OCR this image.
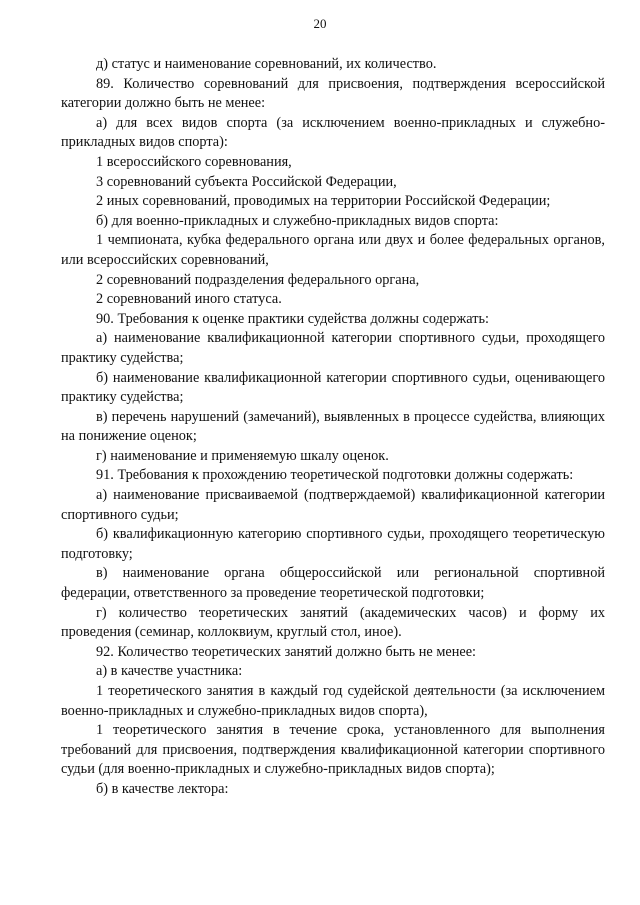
20

д) статус и наименование соревнований, их количество.

89. Количество соревнований для присвоения, подтверждения всероссийской категории должно быть не менее:

а) для всех видов спорта (за исключением военно-прикладных и служебно-прикладных видов спорта):

1 всероссийского соревнования,

3 соревнований субъекта Российской Федерации,

2 иных соревнований, проводимых на территории Российской Федерации;

б) для военно-прикладных и служебно-прикладных видов спорта:

1 чемпионата, кубка федерального органа или двух и более федеральных органов, или всероссийских соревнований,

2 соревнований подразделения федерального органа,

2 соревнований иного статуса.

90. Требования к оценке практики судейства должны содержать:

а) наименование квалификационной категории спортивного судьи, проходящего практику судейства;

б) наименование квалификационной категории спортивного судьи, оценивающего практику судейства;

в) перечень нарушений (замечаний), выявленных в процессе судейства, влияющих на понижение оценок;

г) наименование и применяемую шкалу оценок.

91. Требования к прохождению теоретической подготовки должны содержать:

а) наименование присваиваемой (подтверждаемой) квалификационной категории спортивного судьи;

б) квалификационную категорию спортивного судьи, проходящего теоретическую подготовку;

в) наименование органа общероссийской или региональной спортивной федерации, ответственного за проведение теоретической подготовки;

г) количество теоретических занятий (академических часов) и форму их проведения (семинар, коллоквиум, круглый стол, иное).

92. Количество теоретических занятий должно быть не менее:

а) в качестве участника:

1 теоретического занятия в каждый год судейской деятельности (за исключением военно-прикладных и служебно-прикладных видов спорта),

1 теоретического занятия в течение срока, установленного для выполнения требований для присвоения, подтверждения квалификационной категории спортивного судьи (для военно-прикладных и служебно-прикладных видов спорта);

б) в качестве лектора:
